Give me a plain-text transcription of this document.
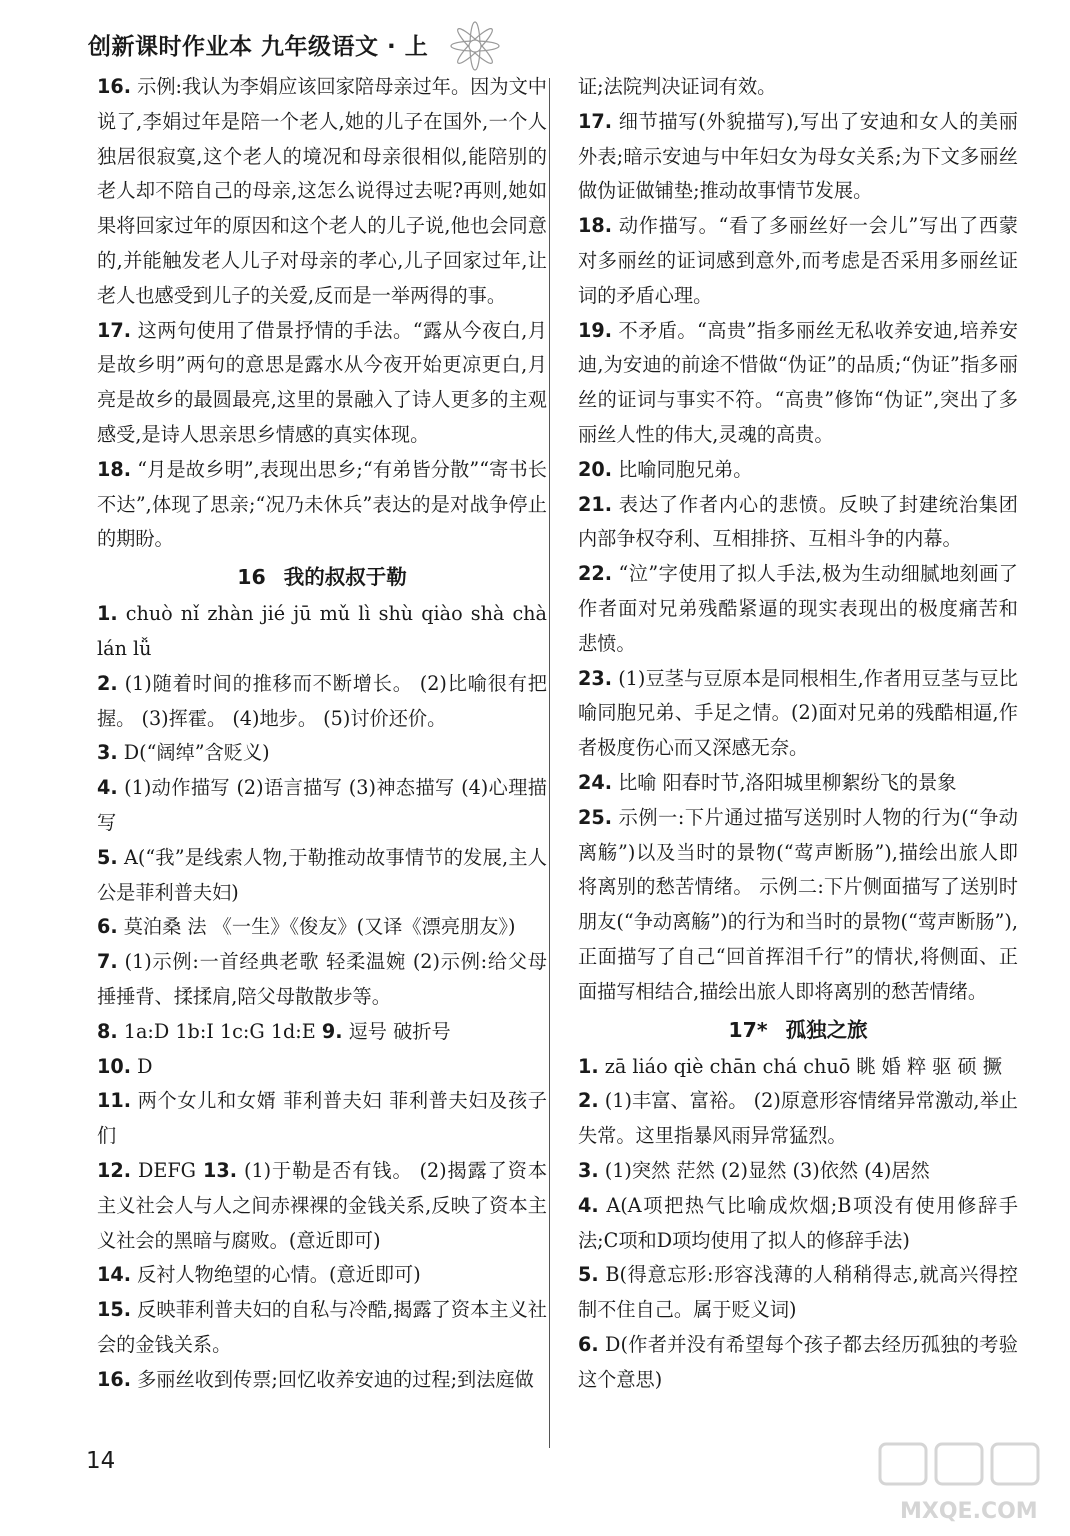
创新课时作业本 九年级语文 · 上

16. 示例:我认为李娟应该回家陪母亲过年。因为文中说了,李娟过年是陪一个老人,她的儿子在国外,一个人独居很寂寞,这个老人的境况和母亲很相似,能陪别的老人却不陪自己的母亲,这怎么说得过去呢?再则,她如果将回家过年的原因和这个老人的儿子说,他也会同意的,并能触发老人儿子对母亲的孝心,儿子回家过年,让老人也感受到儿子的关爱,反而是一举两得的事。

17. 这两句使用了借景抒情的手法。“露从今夜白,月是故乡明”两句的意思是露水从今夜开始更凉更白,月亮是故乡的最圆最亮,这里的景融入了诗人更多的主观感受,是诗人思亲思乡情感的真实体现。

18. “月是故乡明”,表现出思乡;“有弟皆分散”“寄书长不达”,体现了思亲;“况乃未休兵”表达的是对战争停止的期盼。

16 我的叔叔于勒

1. chuò nǐ zhàn jié jū mǔ lì shù qiào shà chà lán lǚ

2. (1)随着时间的推移而不断增长。 (2)比喻很有把握。 (3)挥霍。 (4)地步。 (5)讨价还价。

3. D(“阔绰”含贬义)

4. (1)动作描写 (2)语言描写 (3)神态描写 (4)心理描写

5. A(“我”是线索人物,于勒推动故事情节的发展,主人公是菲利普夫妇)

6. 莫泊桑 法 《一生》《俊友》(又译《漂亮朋友》)

7. (1)示例:一首经典老歌 轻柔温婉 (2)示例:给父母捶捶背、揉揉肩,陪父母散散步等。

8. 1a:D 1b:I 1c:G 1d:E 9. 逗号 破折号

10. D

11. 两个女儿和女婿 菲利普夫妇 菲利普夫妇及孩子们

12. DEFG 13. (1)于勒是否有钱。 (2)揭露了资本主义社会人与人之间赤裸裸的金钱关系,反映了资本主义社会的黑暗与腐败。(意近即可)

14. 反衬人物绝望的心情。(意近即可)

15. 反映菲利普夫妇的自私与冷酷,揭露了资本主义社会的金钱关系。

16. 多丽丝收到传票;回忆收养安迪的过程;到法庭做

证;法院判决证词有效。

17. 细节描写(外貌描写),写出了安迪和女人的美丽外表;暗示安迪与中年妇女为母女关系;为下文多丽丝做伪证做铺垫;推动故事情节发展。

18. 动作描写。“看了多丽丝好一会儿”写出了西蒙对多丽丝的证词感到意外,而考虑是否采用多丽丝证词的矛盾心理。

19. 不矛盾。“高贵”指多丽丝无私收养安迪,培养安迪,为安迪的前途不惜做“伪证”的品质;“伪证”指多丽丝的证词与事实不符。“高贵”修饰“伪证”,突出了多丽丝人性的伟大,灵魂的高贵。

20. 比喻同胞兄弟。

21. 表达了作者内心的悲愤。反映了封建统治集团内部争权夺利、互相排挤、互相斗争的内幕。

22. “泣”字使用了拟人手法,极为生动细腻地刻画了作者面对兄弟残酷紧逼的现实表现出的极度痛苦和悲愤。

23. (1)豆茎与豆原本是同根相生,作者用豆茎与豆比喻同胞兄弟、手足之情。(2)面对兄弟的残酷相逼,作者极度伤心而又深感无奈。

24. 比喻 阳春时节,洛阳城里柳絮纷飞的景象

25. 示例一:下片通过描写送别时人物的行为(“争动离觞”)以及当时的景物(“莺声断肠”),描绘出旅人即将离别的愁苦情绪。 示例二:下片侧面描写了送别时朋友(“争动离觞”)的行为和当时的景物(“莺声断肠”),正面描写了自己“回首挥泪千行”的情状,将侧面、正面描写相结合,描绘出旅人即将离别的愁苦情绪。

17* 孤独之旅

1. zā liáo qiè chān chá chuō 眺 婚 粹 驱 硕 撅

2. (1)丰富、富裕。 (2)原意形容情绪异常激动,举止失常。这里指暴风雨异常猛烈。

3. (1)突然 茫然 (2)显然 (3)依然 (4)居然

4. A(A项把热气比喻成炊烟;B项没有使用修辞手法;C项和D项均使用了拟人的修辞手法)

5. B(得意忘形:形容浅薄的人稍稍得志,就高兴得控制不住自己。属于贬义词)

6. D(作者并没有希望每个孩子都去经历孤独的考验这个意思)

14
MXQE.COM
